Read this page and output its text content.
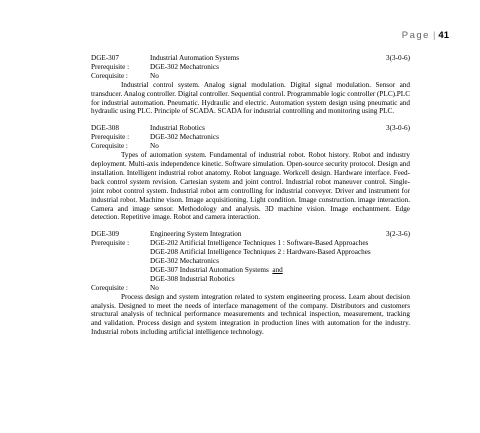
Page | 41
DGE-307	Industrial Automation Systems	3(3-0-6)
Prerequisite :	DGE-302 Mechatronics
Corequisite :	No
Industrial control system. Analog signal modulation. Digital signal modulation. Sensor and transducer. Analog controller. Digital controller. Sequential control. Programmable logic controller (PLC).PLC for industrial automation. Pneumatic. Hydraulic and electric. Automation system design using pneumatic and hydraulic using PLC. Principle of SCADA. SCADA for industrial controlling and monitoring using PLC.
DGE-308	Industrial Robotics	3(3-0-6)
Prerequisite :	DGE-302 Mechatronics
Corequisite :	No
Types of automation system. Fundamental of industrial robot. Robot history. Robot and industry deployment. Multi-axis independence kinetic. Software simulation. Open-source security protocol. Design and installation. Intelligent industrial robot anatomy. Robot language. Workcell design. Hardware interface. Feed-back control system revision. Cartesian system and joint control. Industrial robot maneuver control. Single-joint robot control system. Industrial robot arm controlling for industrial conveyer. Driver and instrument for industrial robot. Machine vison. Image acquisitioning. Light condition. Image construction. image interaction. Camera and image sensor. Methodology and analysis. 3D machine vision. Image enchantment. Edge detection. Repetitive image. Robot and camera interaction.
DGE-309	Engineering System Integration	3(2-3-6)
Prerequisite :	DGE-202 Artificial Intelligence Techniques 1 : Software-Based Approaches
DGE-208 Artificial Intelligence Techniques 2 : Hardware-Based Approaches
DGE-302 Mechatronics
DGE-307 Industrial Automation Systems and
DGE-308 Industrial Robotics
Corequisite :	No
Process design and system integration related to system engineering process. Learn about decision analysis. Designed to meet the needs of interface management of the company. Distributors and customers structural analysis of technical performance measurements and technical inspection, measurement, tracking and validation. Process design and system integration in production lines with automation for the industry. Industrial robots including artificial intelligence technology.
